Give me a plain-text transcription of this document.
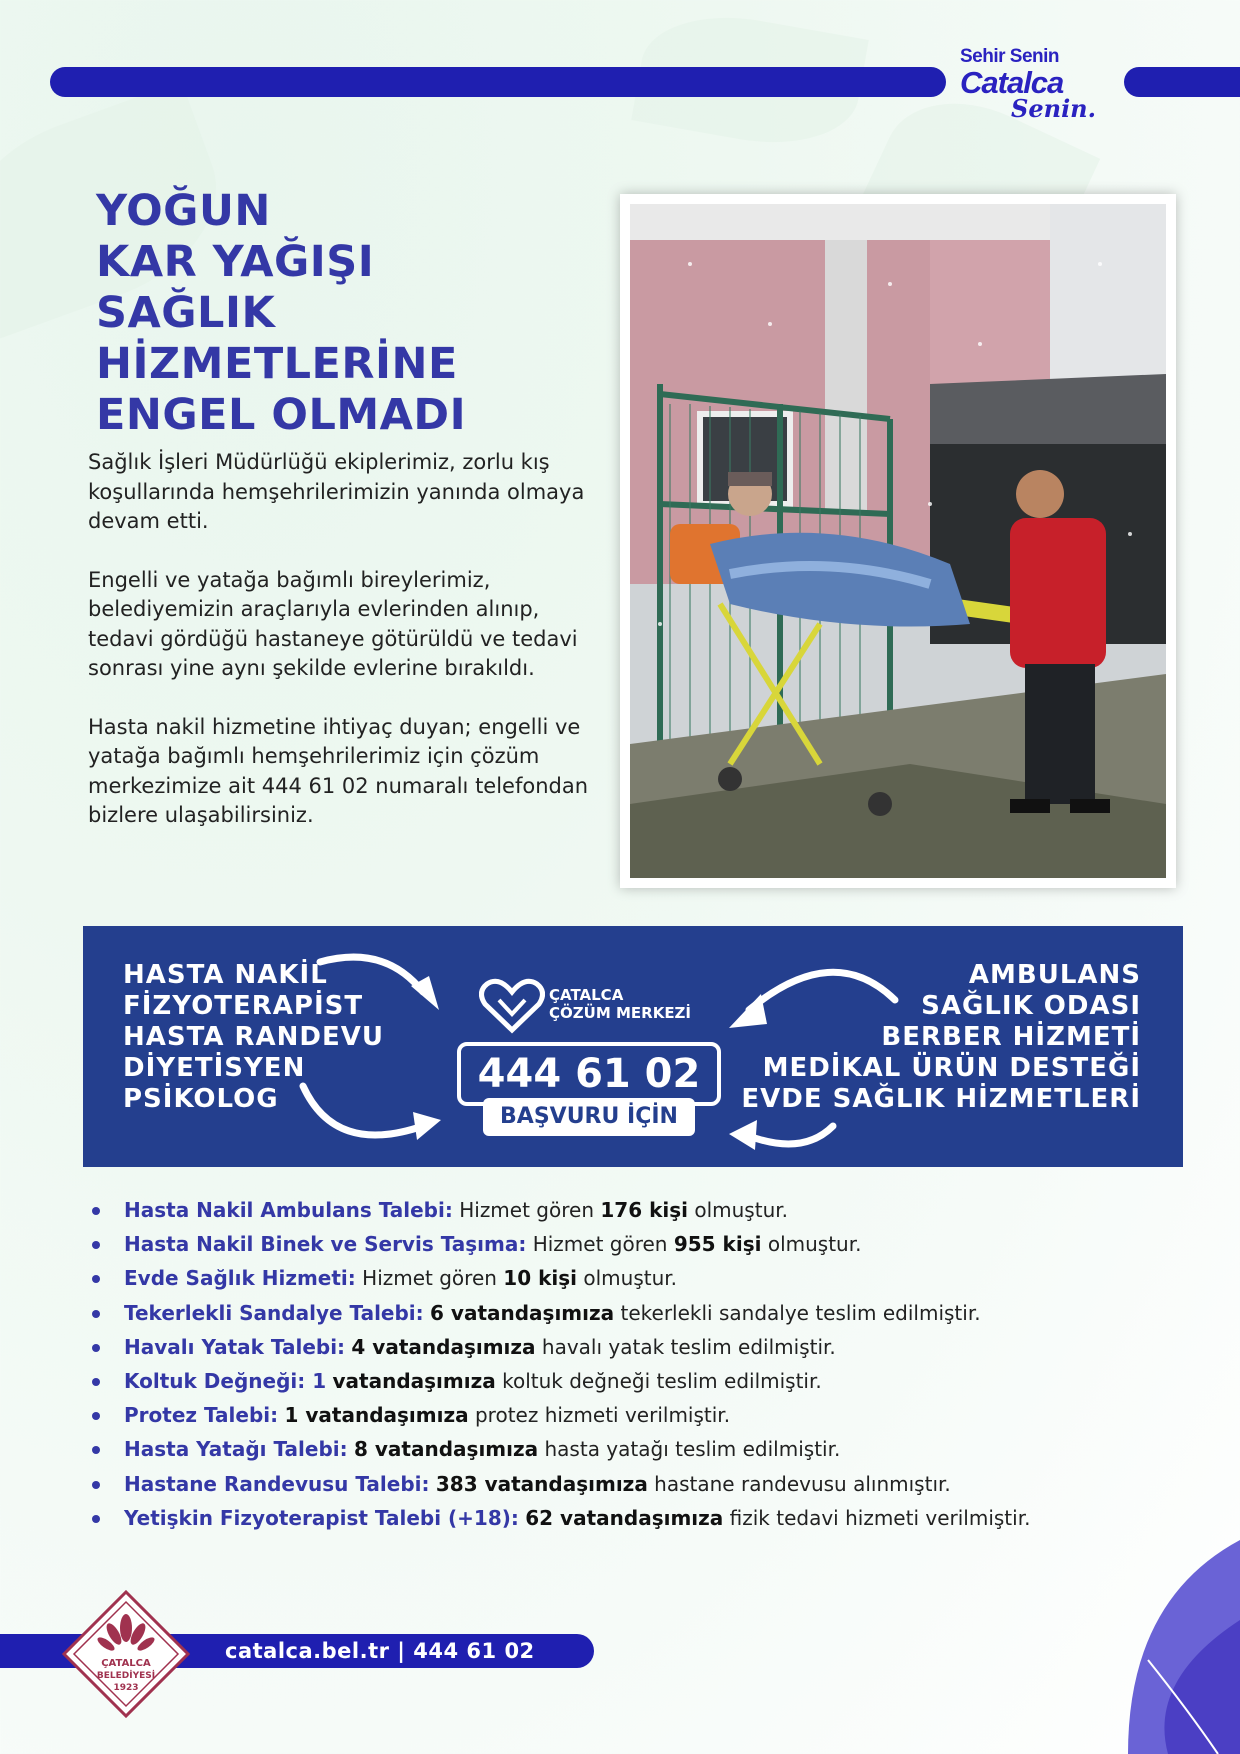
Sehir Senin
Catalca
Senin.
YOĞUN
KAR YAĞIŞI
SAĞLIK
HİZMETLERİNE
ENGEL OLMADI

Sağlık İşleri Müdürlüğü ekiplerimiz, zorlu kış koşullarında hemşehrilerimizin yanında olmaya devam etti.

Engelli ve yatağa bağımlı bireylerimiz, belediyemizin araçlarıyla evlerinden alınıp, tedavi gördüğü hastaneye götürüldü ve tedavi sonrası yine aynı şekilde evlerine bırakıldı.

Hasta nakil hizmetine ihtiyaç duyan; engelli ve yatağa bağımlı hemşehrilerimiz için çözüm merkezimize ait 444 61 02 numaralı telefondan bizlere ulaşabilirsiniz.

HASTA NAKİL
FİZYOTERAPİST
HASTA RANDEVU
DİYETİSYEN
PSİKOLOG
ÇATALCA
ÇÖZÜM MERKEZİ
444 61 02
BAŞVURU İÇİN
AMBULANS
SAĞLIK ODASI
BERBER HİZMETİ
MEDİKAL ÜRÜN DESTEĞİ
EVDE SAĞLIK HİZMETLERİ
Hasta Nakil Ambulans Talebi: Hizmet gören 176 kişi olmuştur.
Hasta Nakil Binek ve Servis Taşıma: Hizmet gören 955 kişi olmuştur.
Evde Sağlık Hizmeti: Hizmet gören 10 kişi olmuştur.
Tekerlekli Sandalye Talebi: 6 vatandaşımıza tekerlekli sandalye teslim edilmiştir.
Havalı Yatak Talebi: 4 vatandaşımıza havalı yatak teslim edilmiştir.
Koltuk Değneği: 1 vatandaşımıza koltuk değneği teslim edilmiştir.
Protez Talebi: 1 vatandaşımıza protez hizmeti verilmiştir.
Hasta Yatağı Talebi: 8 vatandaşımıza hasta yatağı teslim edilmiştir.
Hastane Randevusu Talebi: 383 vatandaşımıza hastane randevusu alınmıştır.
Yetişkin Fizyoterapist Talebi (+18): 62 vatandaşımıza fizik tedavi hizmeti verilmiştir.
catalca.bel.tr | 444 61 02
ÇATALCA
BELEDİYESİ
1923
